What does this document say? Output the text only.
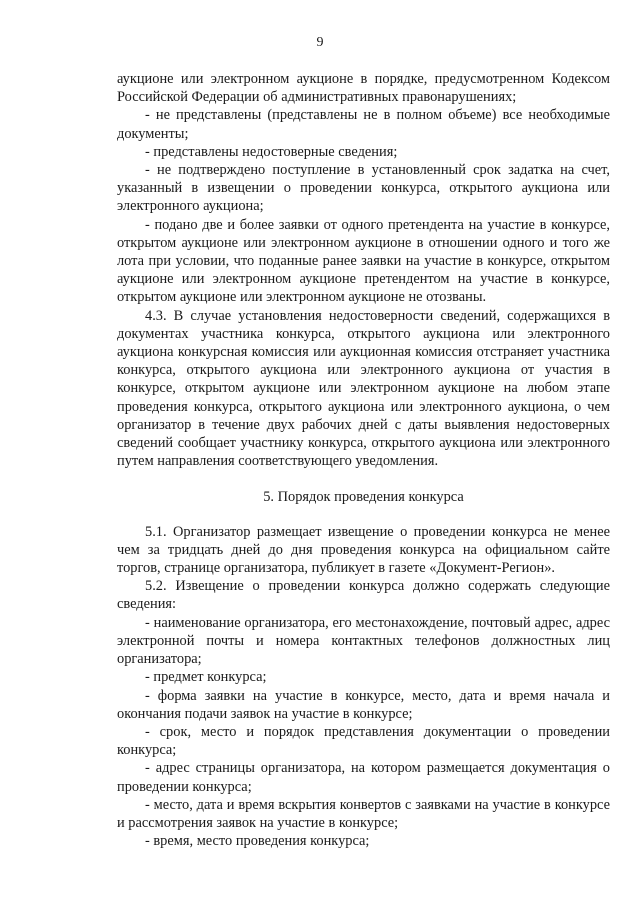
9

аукционе или электронном аукционе в порядке, предусмотренном Кодексом Российской Федерации об административных правонарушениях;

- не представлены (представлены не в полном объеме) все необходимые документы;

- представлены недостоверные сведения;

- не подтверждено поступление в установленный срок задатка на счет, указанный в извещении о проведении конкурса, открытого аукциона или электронного аукциона;

- подано две и более заявки от одного претендента на участие в конкурсе, открытом аукционе или электронном аукционе в отношении одного и того же лота при условии, что поданные ранее заявки на участие в конкурсе, открытом аукционе или электронном аукционе претендентом на участие в конкурсе, открытом аукционе или электронном аукционе не отозваны.

4.3. В случае установления недостоверности сведений, содержащихся в документах участника конкурса, открытого аукциона или электронного аукциона конкурсная комиссия или аукционная комиссия отстраняет участника конкурса, открытого аукциона или электронного аукциона от участия в конкурсе, открытом аукционе или электронном аукционе на любом этапе проведения конкурса, открытого аукциона или электронного аукциона, о чем организатор в течение двух рабочих дней с даты выявления недостоверных сведений сообщает участнику конкурса, открытого аукциона или электронного путем направления соответствующего уведомления.

5. Порядок проведения конкурса

5.1. Организатор размещает извещение о проведении конкурса не менее чем за тридцать дней до дня проведения конкурса на официальном сайте торгов, странице организатора, публикует в газете «Документ-Регион».

5.2. Извещение о проведении конкурса должно содержать следующие сведения:

- наименование организатора, его местонахождение, почтовый адрес, адрес электронной почты и номера контактных телефонов должностных лиц организатора;

- предмет конкурса;

- форма заявки на участие в конкурсе, место, дата и время начала и окончания подачи заявок на участие в конкурсе;

- срок, место и порядок представления документации о проведении конкурса;

- адрес страницы организатора, на котором размещается документация о проведении конкурса;

- место, дата и время вскрытия конвертов с заявками на участие в конкурсе и рассмотрения заявок на участие в конкурсе;

- время, место проведения конкурса;
